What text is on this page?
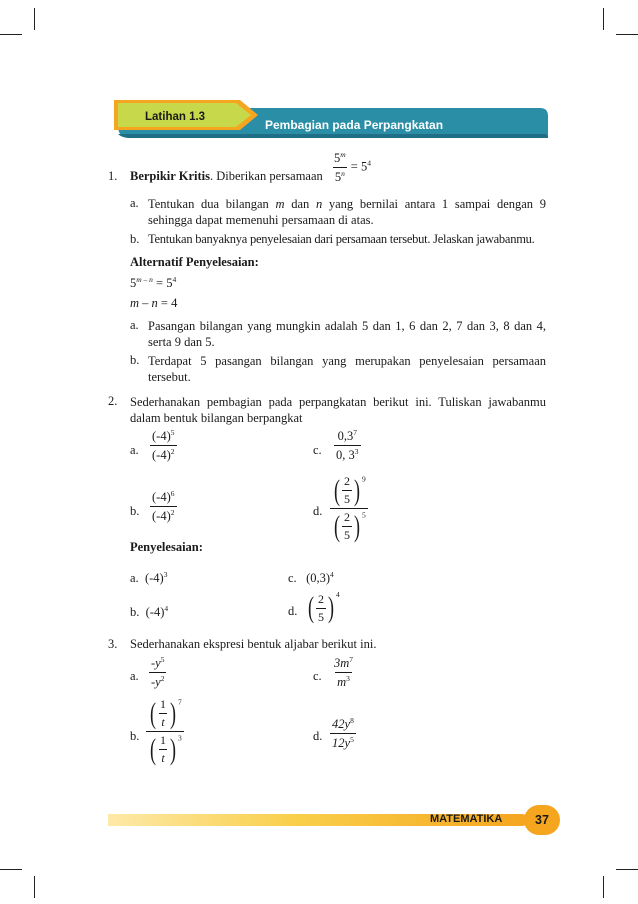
Latihan 1.3
Pembagian pada Perpangkatan
1. Berpikir Kritis. Diberikan persamaan $\frac{5^m}{5^n} = 5^4$
a. Tentukan dua bilangan m dan n yang bernilai antara 1 sampai dengan 9 sehingga dapat memenuhi persamaan di atas.
b. Tentukan banyaknya penyelesaian dari persamaan tersebut. Jelaskan jawabanmu.
Alternatif Penyelesaian:
$5^{m - n} = 5^4$
m – n = 4
a. Pasangan bilangan yang mungkin adalah 5 dan 1, 6 dan 2, 7 dan 3, 8 dan 4, serta 9 dan 5.
b. Terdapat 5 pasangan bilangan yang merupakan penyelesaian persamaan tersebut.
2. Sederhanakan pembagian pada perpangkatan berikut ini. Tuliskan jawabanmu dalam bentuk bilangan berpangkat
a. $\frac{(-4)^5}{(-4)^2}$	c. $\frac{0,3^7}{0, 3^3}$
b. $\frac{(-4)^6}{(-4)^2}$	d. $\frac{( \frac{2}{5} ) ^9}{( \frac{2}{5} ) ^5}$
Penyelesaian:
a. $(-4)^3$	c. $(0,3)^4$
b. $(-4)^4$	d. ( $\frac{2}{5}$ ) $^4$
3. Sederhanakan ekspresi bentuk aljabar berikut ini.
a. $\frac{-y^5}{-y^2}$	c. $\frac{3m^7}{m^3}$
b. $\frac{( \frac{1}{t} ) ^7}{( \frac{1}{t} ) ^3}$	d. $\frac{42y^8}{12y^5}$
MATEMATIKA	37
